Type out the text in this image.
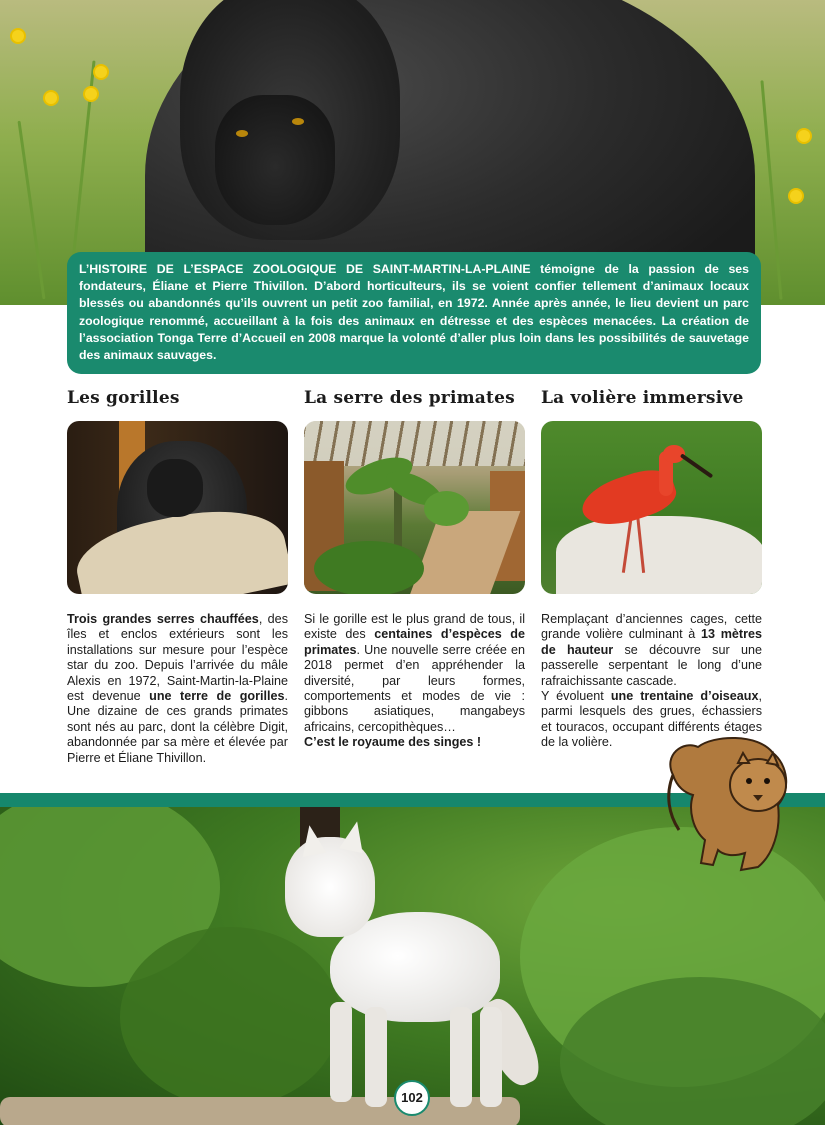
L’HISTOIRE DE L’ESPACE ZOOLOGIQUE DE SAINT-MARTIN-LA-PLAINE témoigne de la passion de ses fondateurs, Éliane et Pierre Thivillon. D’abord horticulteurs, ils se voient confier tellement d’animaux locaux blessés ou abandonnés qu’ils ouvrent un petit zoo familial, en 1972. Année après année, le lieu devient un parc zoologique renommé, accueillant à la fois des animaux en détresse et des espèces menacées. La création de l’association Tonga Terre d’Accueil en 2008 marque la volonté d’aller plus loin dans les possibilités de sauvetage des animaux sauvages.
Les gorilles

Trois grandes serres chauffées, des îles et enclos extérieurs sont les installations sur mesure pour l’espèce star du zoo. Depuis l’arrivée du mâle Alexis en 1972, Saint-Martin-la-Plaine est devenue une terre de gorilles. Une dizaine de ces grands primates sont nés au parc, dont la célèbre Digit, abandonnée par sa mère et élevée par Pierre et Éliane Thivillon.

La serre des primates

Si le gorille est le plus grand de tous, il existe des centaines d’espèces de primates. Une nouvelle serre créée en 2018 permet d’en appréhender la diversité, par leurs formes, comportements et modes de vie : gibbons asiatiques, mangabeys africains, cercopithèques…

C’est le royaume des singes !

La volière immersive

Remplaçant d’anciennes cages, cette grande volière culminant à 13 mètres de hauteur se découvre sur une passerelle serpentant le long d’une rafraichissante cascade.

Y évoluent une trentaine d’oiseaux, parmi lesquels des grues, échassiers et touracos, occupant différents étages de la volière.

102
